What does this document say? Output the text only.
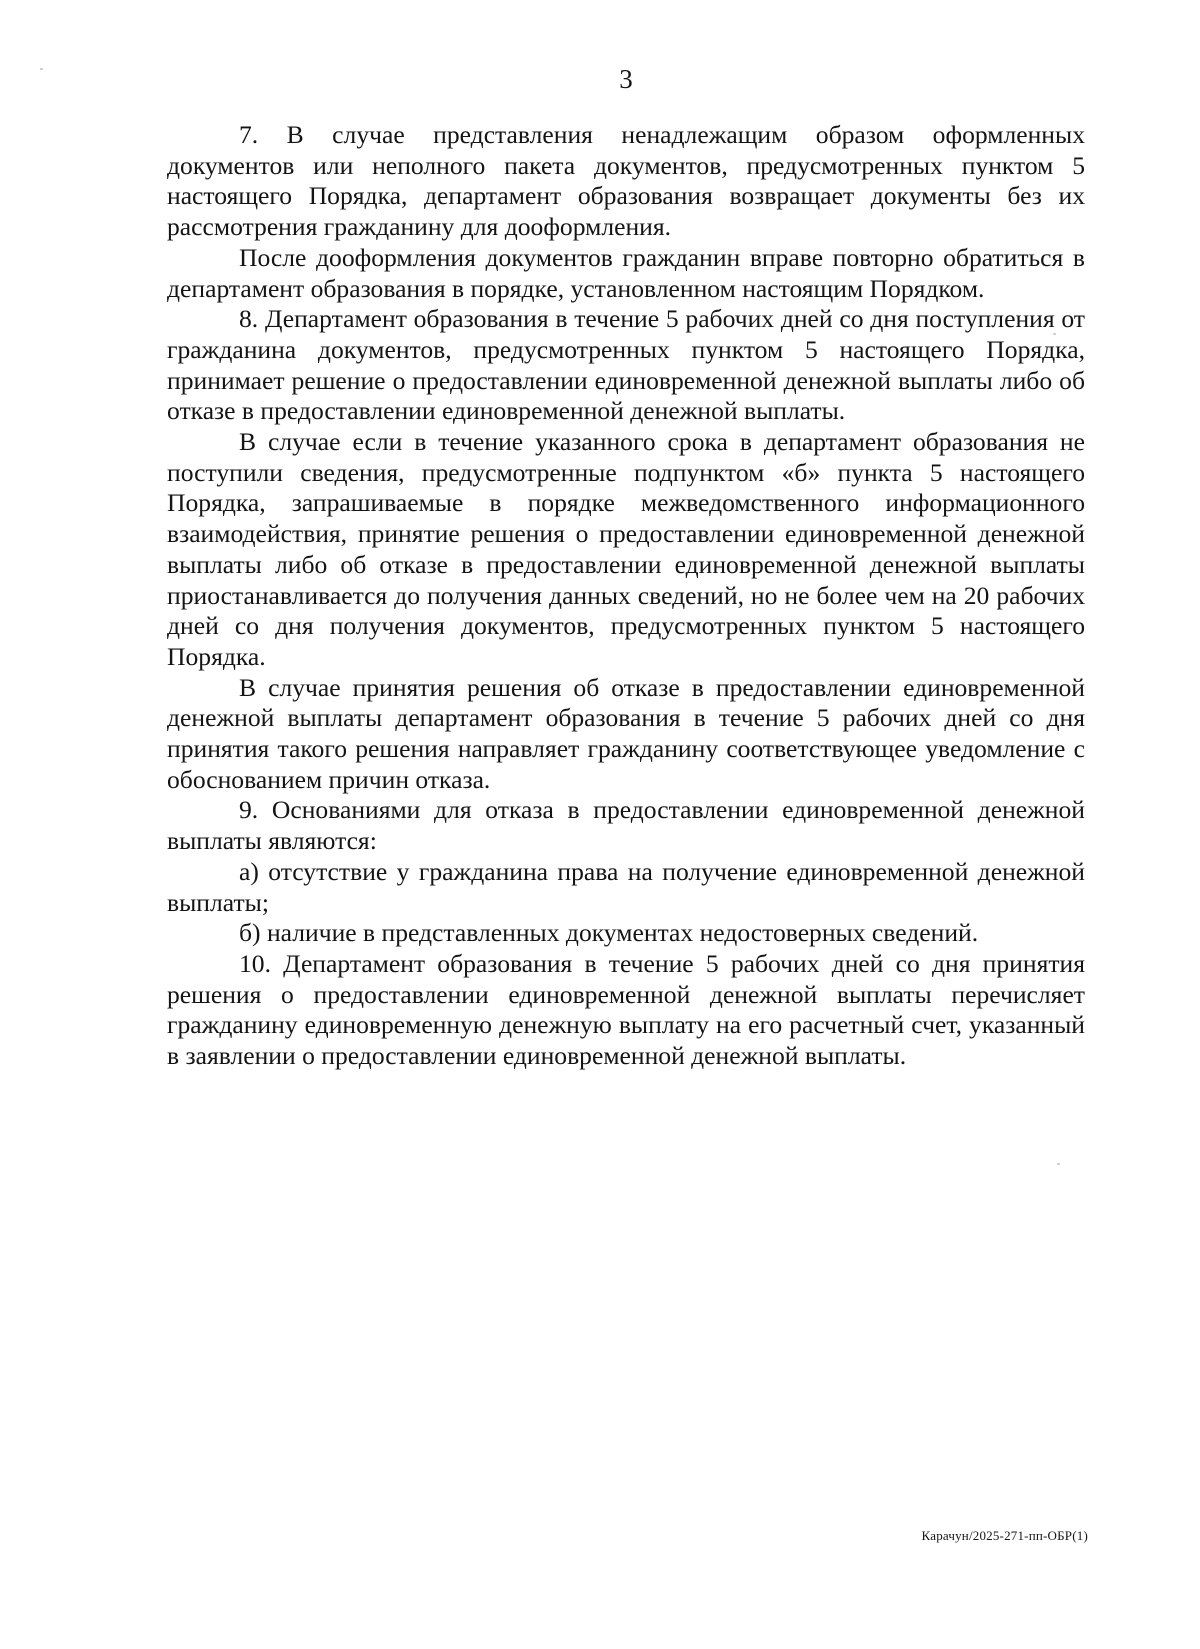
3

7. В случае представления ненадлежащим образом оформленных документов или неполного пакета документов, предусмотренных пунктом 5 настоящего Порядка, департамент образования возвращает документы без их рассмотрения гражданину для дооформления.

После дооформления документов гражданин вправе повторно обратиться в департамент образования в порядке, установленном настоящим Порядком.

8. Департамент образования в течение 5 рабочих дней со дня поступления от гражданина документов, предусмотренных пунктом 5 настоящего Порядка, принимает решение о предоставлении единовременной денежной выплаты либо об отказе в предоставлении единовременной денежной выплаты.

В случае если в течение указанного срока в департамент образования не поступили сведения, предусмотренные подпунктом «б» пункта 5 настоящего Порядка, запрашиваемые в порядке межведомственного информационного взаимодействия, принятие решения о предоставлении единовременной денежной выплаты либо об отказе в предоставлении единовременной денежной выплаты приостанавливается до получения данных сведений, но не более чем на 20 рабочих дней со дня получения документов, предусмотренных пунктом 5 настоящего Порядка.

В случае принятия решения об отказе в предоставлении единовременной денежной выплаты департамент образования в течение 5 рабочих дней со дня принятия такого решения направляет гражданину соответствующее уведомление с обоснованием причин отказа.

9. Основаниями для отказа в предоставлении единовременной денежной выплаты являются:

а) отсутствие у гражданина права на получение единовременной денежной выплаты;

б) наличие в представленных документах недостоверных сведений.

10. Департамент образования в течение 5 рабочих дней со дня принятия решения о предоставлении единовременной денежной выплаты перечисляет гражданину единовременную денежную выплату на его расчетный счет, указанный в заявлении о предоставлении единовременной денежной выплаты.

Карачун/2025-271-пп-ОБР(1)
